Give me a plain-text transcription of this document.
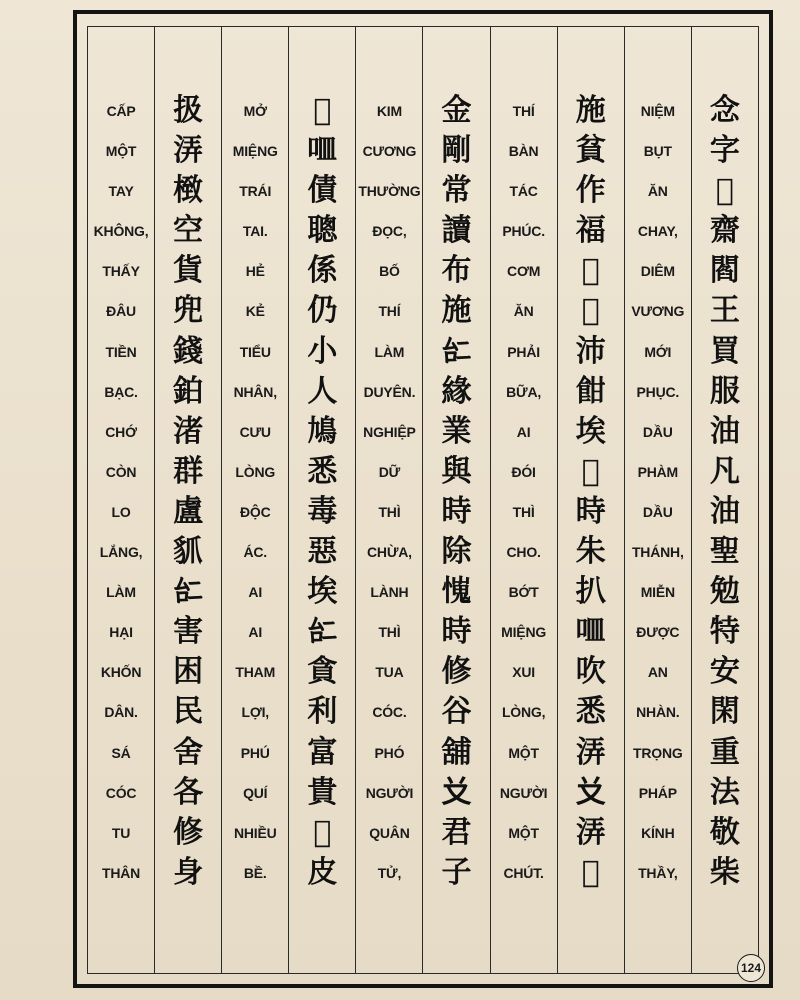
CẤP
MỘT
TAY
KHÔNG,
THẤY
ĐÂU
TIỀN
BẠC.
CHỚ
CÒN
LO
LẮNG,
LÀM
HẠI
KHỐN
DÂN.
SÁ
CÓC
TU
THÂN
扱
㳥
㮹
空
貨
兜
錢
鉑
渚
群
盧
䝖
𠄩
害
困
民
舍
各
修
身
MỞ
MIỆNG
TRÁI
TAI.
HẺ
KẺ
TIỂU
NHÂN,
CƯU
LÒNG
ĐỘC
ÁC.
AI
AI
THAM
LỢI,
PHÚ
QUÍ
NHIỀU
BỀ.
𬑉
𠰘
債
聰
係
仍
小
人
鳩
悉
毒
惡
埃
𠄩
貪
利
富
貴
𠍦
皮
KIM
CƯƠNG
THƯỜNG
ĐỌC,
BỐ
THÍ
LÀM
DUYÊN.
NGHIỆP
DỮ
THÌ
CHỪA,
LÀNH
THÌ
TUA
CÓC.
PHÓ
NGƯỜI
QUÂN
TỬ,
金
剛
常
讀
布
施
𠄩
緣
業
與
時
除
𢢯
時
修
谷
舖
𠬠
君
子
THÍ
BÀN
TÁC
PHÚC.
CƠM
ĂN
PHẢI
BỮA,
AI
ĐÓI
THÌ
CHO.
BỚT
MIỆNG
XUI
LÒNG,
MỘT
NGƯỜI
MỘT
CHÚT.
施
貧
作
福
𩛷
𣘃
沛
𩚵
埃
𩟡
時
朱
扒
𠰘
吹
悉
㳥
𠬠
㳥
𪁶
NIỆM
BỤT
ĂN
CHAY,
DIÊM
VƯƠNG
MỚI
PHỤC.
DẦU
PHÀM
DẦU
THÁNH,
MIỄN
ĐƯỢC
AN
NHÀN.
TRỌNG
PHÁP
KÍNH
THẦY,
念
字
𣘃
齋
閻
王
買
服
油
凡
油
聖
勉
特
安
閑
重
法
敬
柴
124
